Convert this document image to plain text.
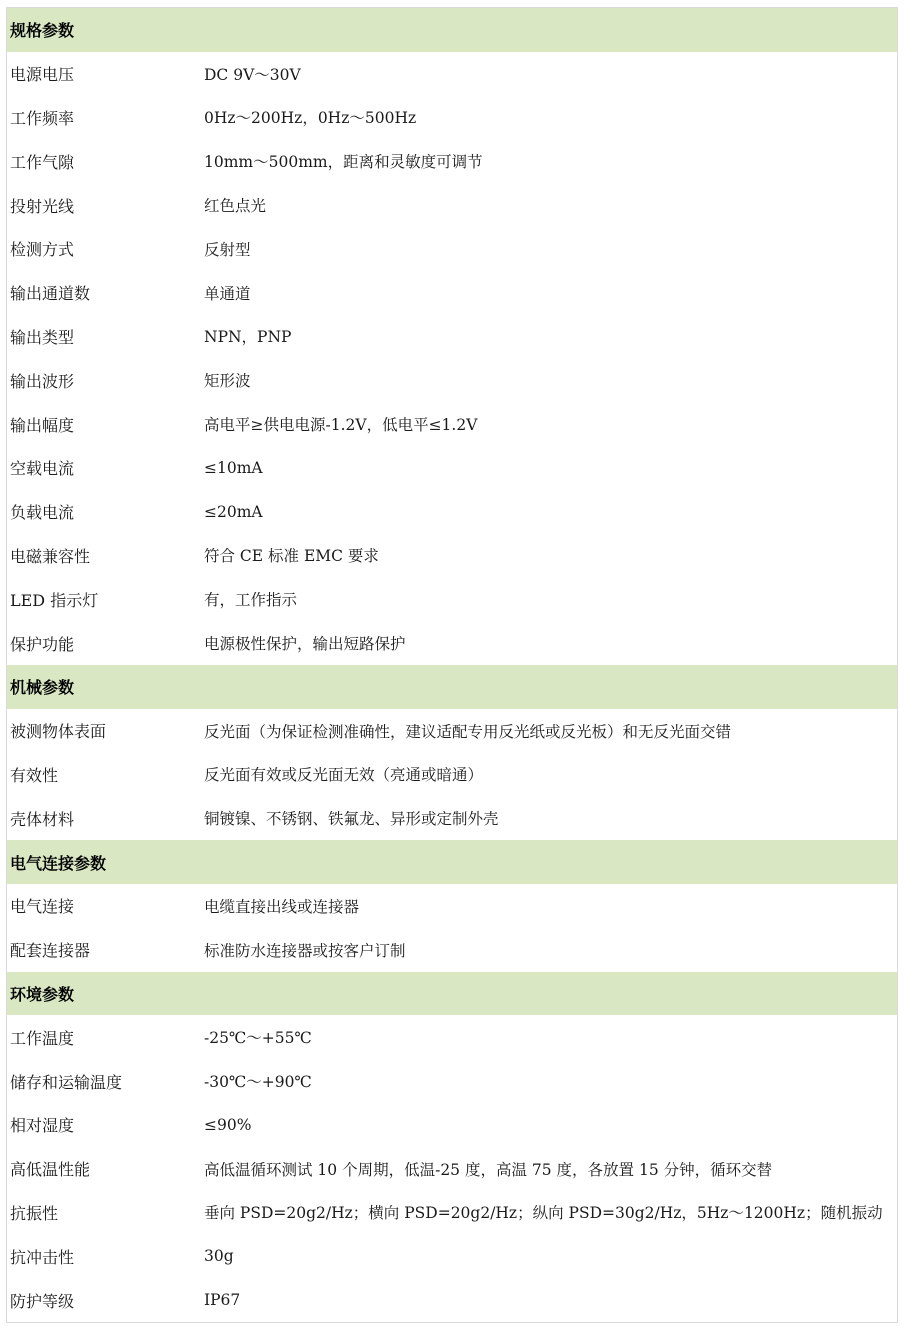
规格参数
电源电压	DC 9V～30V
工作频率	0Hz～200Hz，0Hz～500Hz
工作气隙	10mm～500mm，距离和灵敏度可调节
投射光线	红色点光
检测方式	反射型
输出通道数	单通道
输出类型	NPN，PNP
输出波形	矩形波
输出幅度	高电平≥供电电源-1.2V，低电平≤1.2V
空载电流	≤10mA
负载电流	≤20mA
电磁兼容性	符合 CE 标准 EMC 要求
LED 指示灯	有，工作指示
保护功能	电源极性保护，输出短路保护
机械参数
被测物体表面	反光面（为保证检测准确性，建议适配专用反光纸或反光板）和无反光面交错
有效性	反光面有效或反光面无效（亮通或暗通）
壳体材料	铜镀镍、不锈钢、铁氟龙、异形或定制外壳
电气连接参数
电气连接	电缆直接出线或连接器
配套连接器	标准防水连接器或按客户订制
环境参数
工作温度	-25℃～+55℃
储存和运输温度	-30℃～+90℃
相对湿度	≤90%
高低温性能	高低温循环测试 10 个周期，低温-25 度，高温 75 度，各放置 15 分钟，循环交替
抗振性	垂向 PSD=20g2/Hz；横向 PSD=20g2/Hz；纵向 PSD=30g2/Hz，5Hz～1200Hz；随机振动
抗冲击性	30g
防护等级	IP67
